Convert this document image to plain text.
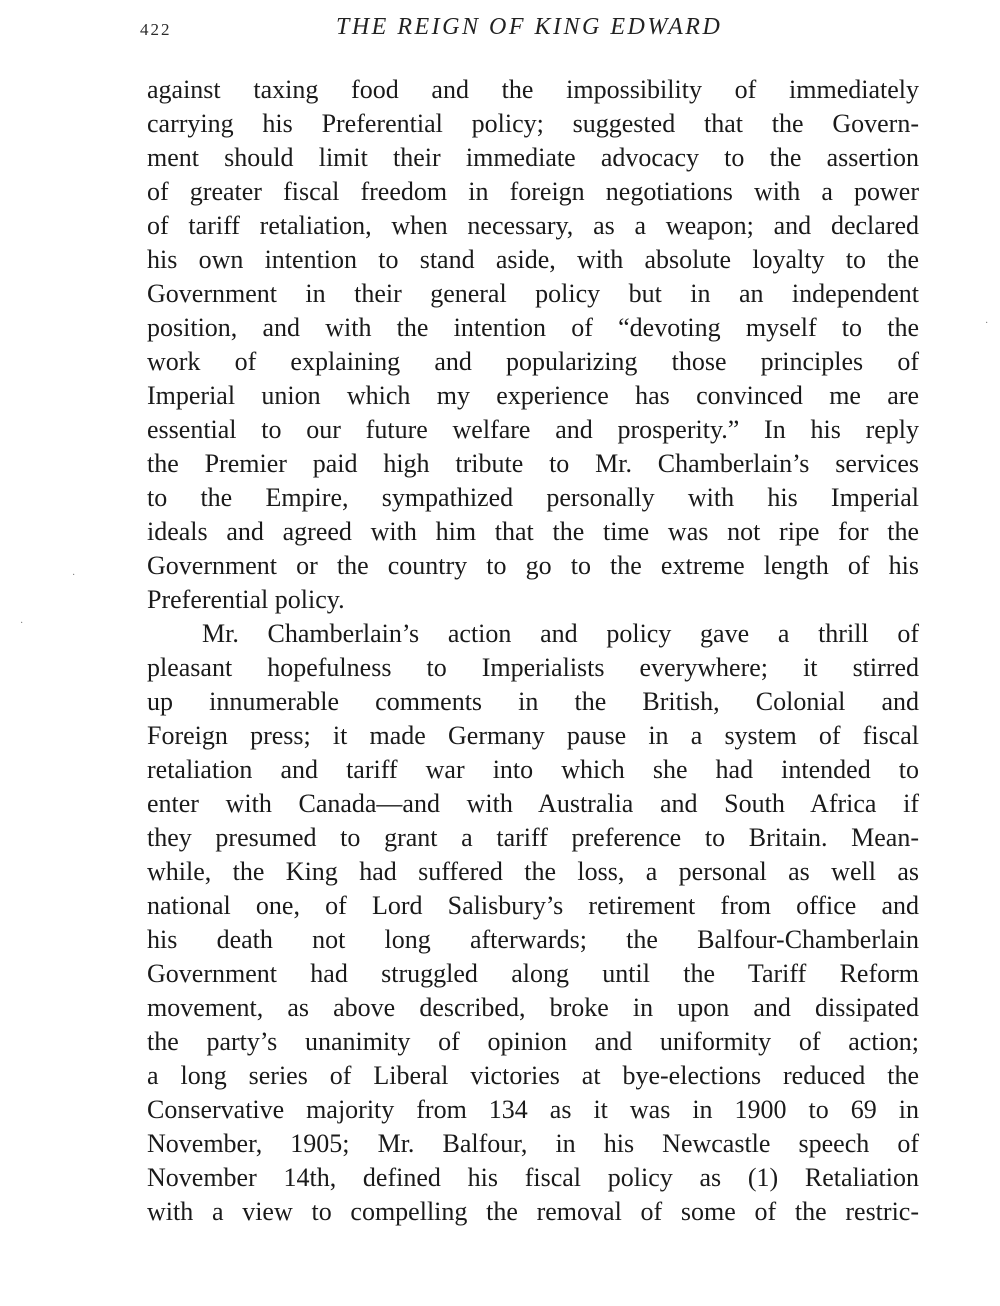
422	THE REIGN OF KING EDWARD
against taxing food and the impossibility of immediately
carrying his Preferential policy; suggested that the Govern-
ment should limit their immediate advocacy to the assertion
of greater fiscal freedom in foreign negotiations with a power
of tariff retaliation, when necessary, as a weapon; and declared
his own intention to stand aside, with absolute loyalty to the
Government in their general policy but in an independent
position, and with the intention of “devoting myself to the
work of explaining and popularizing those principles of
Imperial union which my experience has convinced me are
essential to our future welfare and prosperity.” In his reply
the Premier paid high tribute to Mr. Chamberlain’s services
to the Empire, sympathized personally with his Imperial
ideals and agreed with him that the time was not ripe for the
Government or the country to go to the extreme length of his
Preferential policy.
Mr. Chamberlain’s action and policy gave a thrill of
pleasant hopefulness to Imperialists everywhere; it stirred
up innumerable comments in the British, Colonial and
Foreign press; it made Germany pause in a system of fiscal
retaliation and tariff war into which she had intended to
enter with Canada—and with Australia and South Africa if
they presumed to grant a tariff preference to Britain. Mean-
while, the King had suffered the loss, a personal as well as
national one, of Lord Salisbury’s retirement from office and
his death not long afterwards; the Balfour-Chamberlain
Government had struggled along until the Tariff Reform
movement, as above described, broke in upon and dissipated
the party’s unanimity of opinion and uniformity of action;
a long series of Liberal victories at bye-elections reduced the
Conservative majority from 134 as it was in 1900 to 69 in
November, 1905; Mr. Balfour, in his Newcastle speech of
November 14th, defined his fiscal policy as (1) Retaliation
with a view to compelling the removal of some of the restric-
·
·
·
